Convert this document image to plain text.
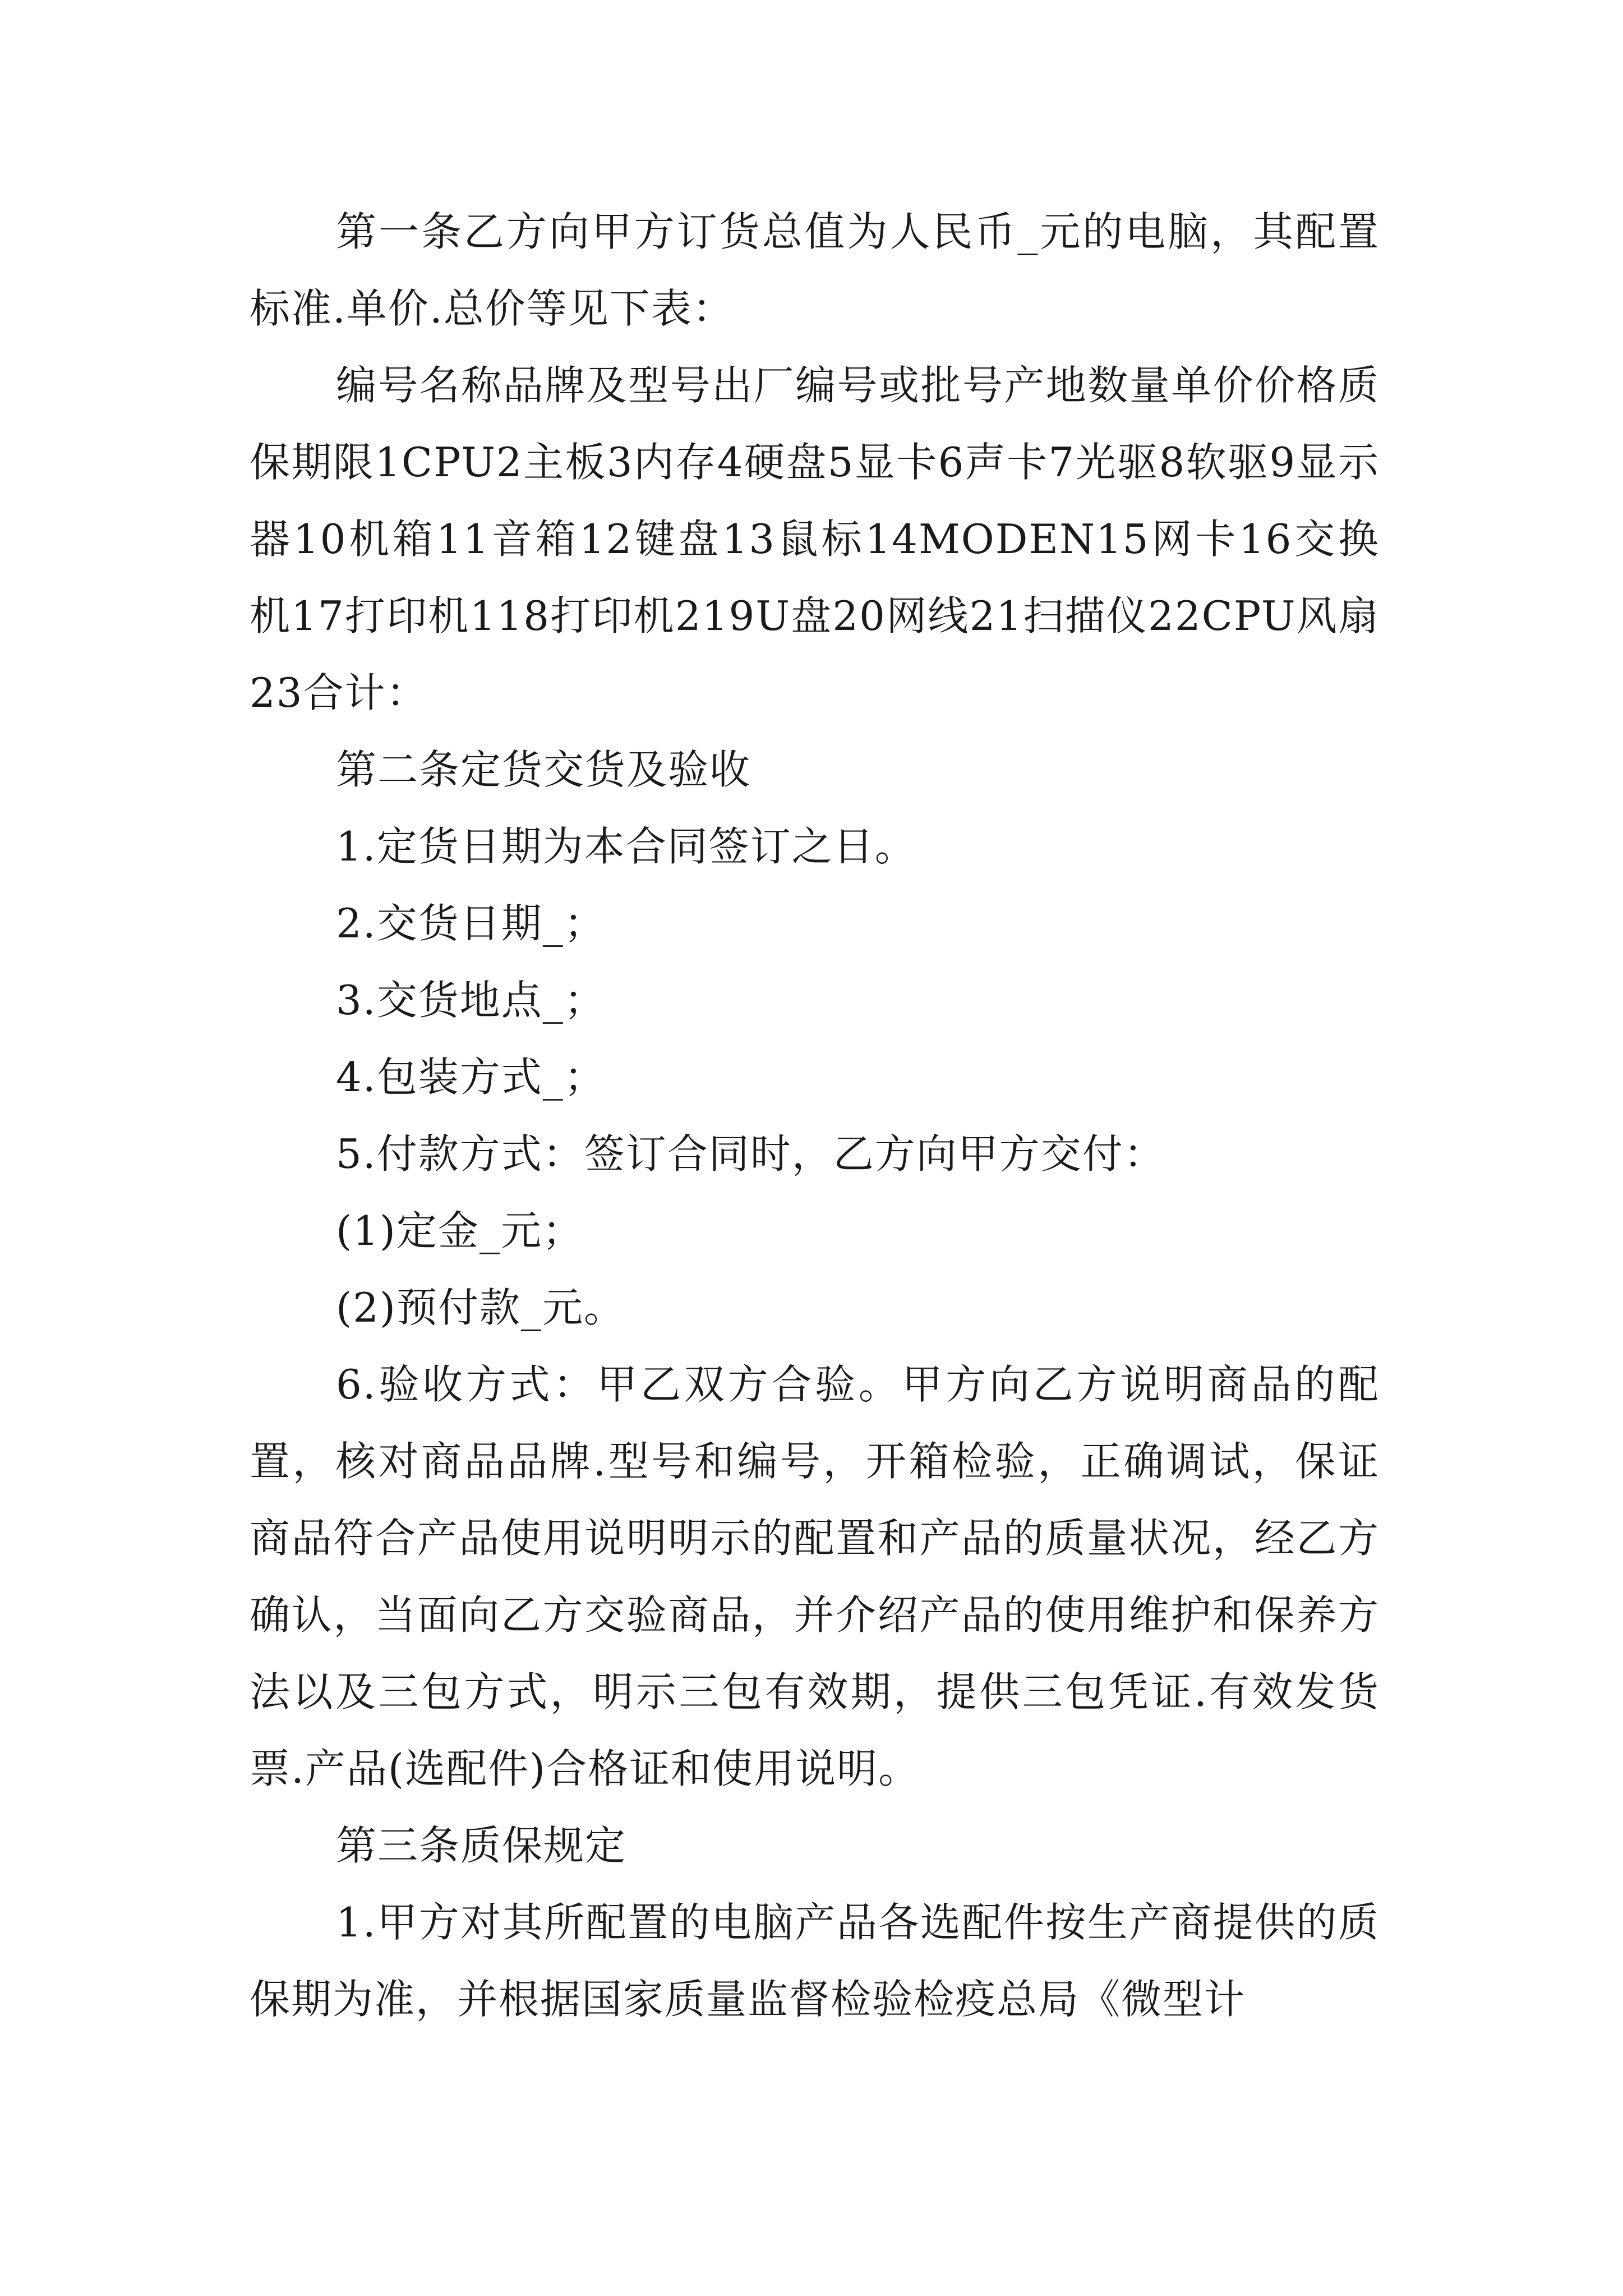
第一条乙方向甲方订货总值为人民币_元的电脑，其配置标准.单价.总价等见下表：

编号名称品牌及型号出厂编号或批号产地数量单价价格质保期限1CPU2主板3内存4硬盘5显卡6声卡7光驱8软驱9显示器10机箱11音箱12键盘13鼠标14MODEN15网卡16交换机17打印机118打印机219U盘20网线21扫描仪22CPU风扇23合计：

第二条定货交货及验收

1.定货日期为本合同签订之日。

2.交货日期_；

3.交货地点_；

4.包装方式_；

5.付款方式：签订合同时，乙方向甲方交付：

(1)定金_元；

(2)预付款_元。

6.验收方式：甲乙双方合验。甲方向乙方说明商品的配置，核对商品品牌.型号和编号，开箱检验，正确调试，保证商品符合产品使用说明明示的配置和产品的质量状况，经乙方确认，当面向乙方交验商品，并介绍产品的使用维护和保养方法以及三包方式，明示三包有效期，提供三包凭证.有效发货票.产品(选配件)合格证和使用说明。

第三条质保规定

1.甲方对其所配置的电脑产品各选配件按生产商提供的质保期为准，并根据国家质量监督检验检疫总局《微型计
